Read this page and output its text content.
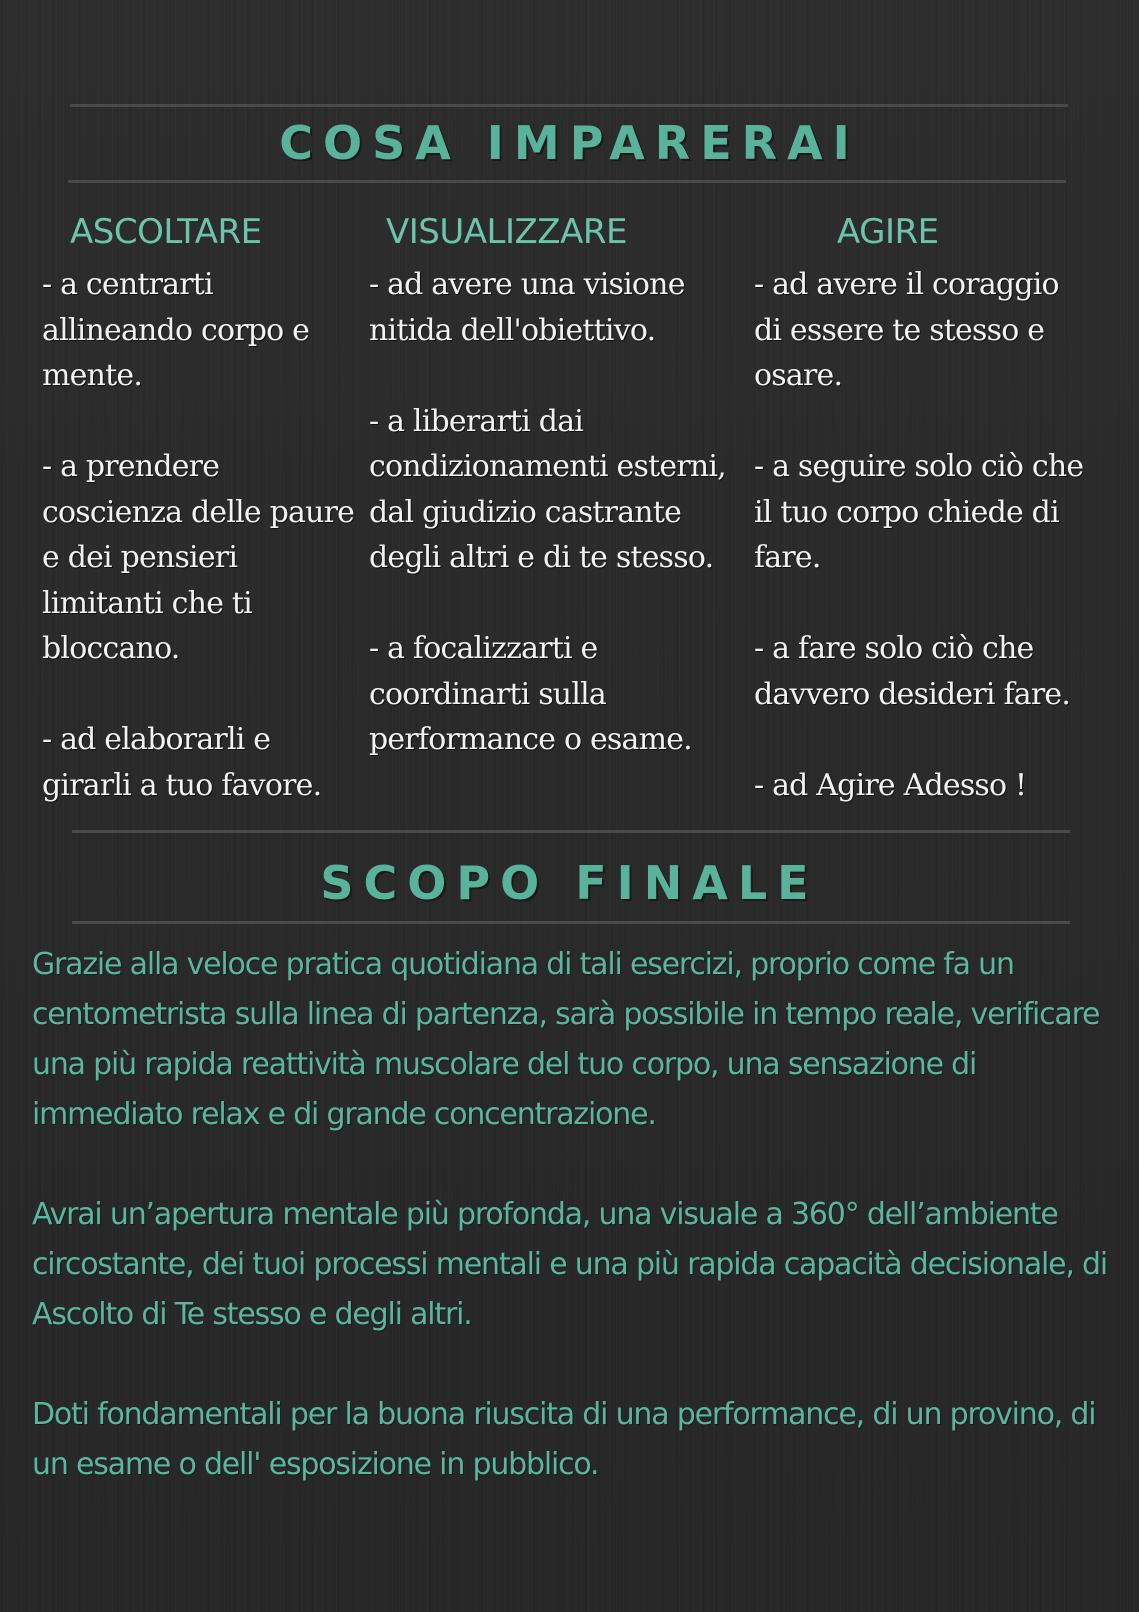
COSA IMPARERAI
ASCOLTARE	VISUALIZZARE	AGIRE

- a centrarti allineando corpo e mente.

- a prendere coscienza delle paure e dei pensieri limitanti che ti bloccano.

- ad elaborarli e girarli a tuo favore.

- ad avere una visione nitida dell'obiettivo.

- a liberarti dai condizionamenti esterni, dal giudizio castrante degli altri e di te stesso.

- a focalizzarti e coordinarti sulla performance o esame.

- ad avere il coraggio di essere te stesso e osare.

- a seguire solo ciò che il tuo corpo chiede di fare.

- a fare solo ciò che davvero desideri fare.

- ad Agire Adesso !

SCOPO FINALE

Grazie alla veloce pratica quotidiana di tali esercizi, proprio come fa un centometrista sulla linea di partenza, sarà possibile in tempo reale, verificare una più rapida reattività muscolare del tuo corpo, una sensazione di immediato relax e di grande concentrazione.

Avrai un’apertura mentale più profonda, una visuale a 360° dell’ambiente circostante, dei tuoi processi mentali e una più rapida capacità decisionale, di Ascolto di Te stesso e degli altri.

Doti fondamentali per la buona riuscita di una performance, di un provino, di un esame o dell' esposizione in pubblico.
